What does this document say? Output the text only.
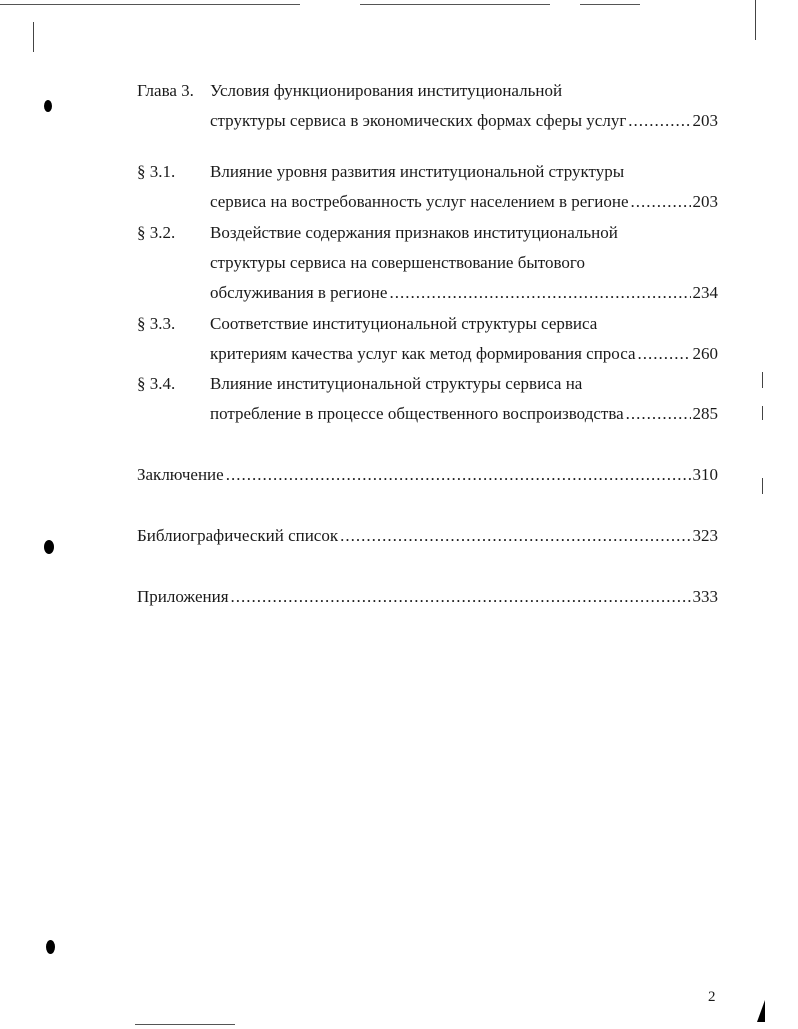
Глава 3. Условия функционирования институциональной
структуры сервиса в экономических формах сферы услуг .....	203
§ 3.1. Влияние уровня развития институциональной структуры
сервиса на востребованность услуг населением в регионе .....	203
§ 3.2. Воздействие содержания признаков институциональной
структуры сервиса на совершенствование бытового
обслуживания в регионе .....	234
§ 3.3. Соответствие институциональной структуры сервиса
критериям качества услуг как метод формирования спроса .....	260
§ 3.4. Влияние институциональной структуры сервиса на
потребление в процессе общественного воспроизводства .....	285
Заключение .....	310
Библиографический список .....	323
Приложения .....	333
2
